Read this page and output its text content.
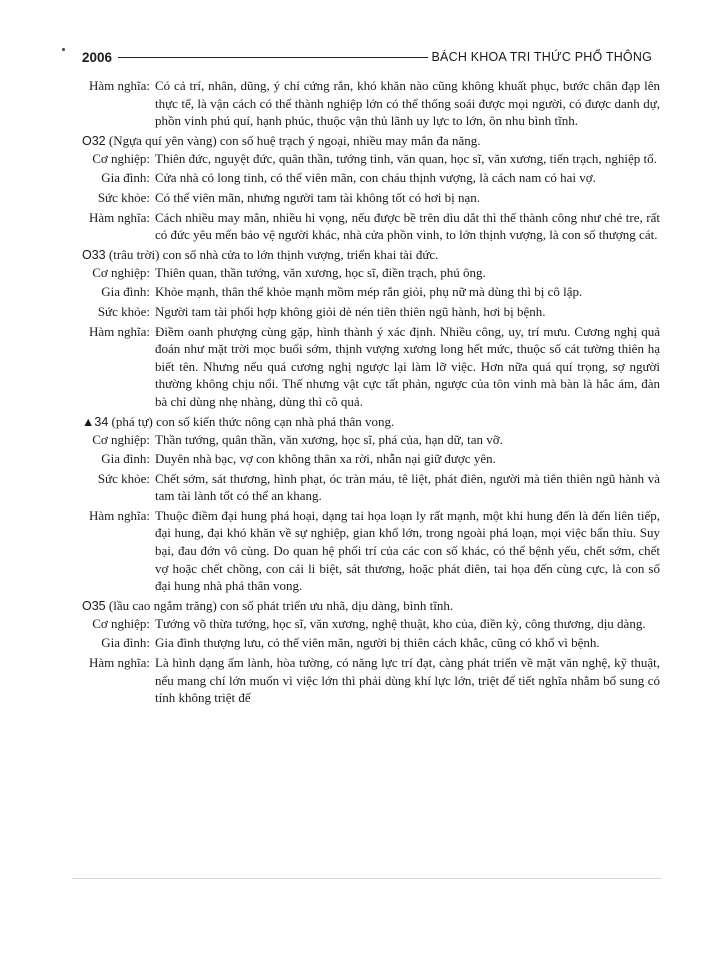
2006	BÁCH KHOA TRI THỨC PHỔ THÔNG
Hàm nghĩa: Có cả trí, nhân, dũng, ý chí cứng rắn, khó khăn nào cũng không khuất phục, bước chân đạp lên thực tế, là vận cách có thể thành nghiệp lớn có thể thống soái được mọi người, có được danh dự, phồn vinh phú quí, hạnh phúc, thuộc vận thủ lãnh uy lực to lớn, ôn nhu bình tĩnh.
O32 (Ngựa quí yên vàng) con số huệ trạch ý ngoại, nhiều may mắn đa năng.
Cơ nghiệp: Thiên đức, nguyệt đức, quân thần, tướng tinh, văn quan, học sĩ, văn xương, tiến trạch, nghiệp tổ.
Gia đình: Cửa nhà có long tinh, có thể viên mãn, con cháu thịnh vượng, là cách nam có hai vợ.
Sức khỏe: Có thể viên mãn, nhưng người tam tài không tốt có hơi bị nạn.
Hàm nghĩa: Cách nhiều may mắn, nhiều hi vọng, nếu được bề trên dìu dắt thì thế thành công như chẻ tre, rất có đức yêu mến bảo vệ người khác, nhà cửa phồn vinh, to lớn thịnh vượng, là con số thượng cát.
O33 (trâu trời) con số nhà cửa to lớn thịnh vượng, triển khai tài đức.
Cơ nghiệp: Thiên quan, thần tướng, văn xương, học sĩ, điền trạch, phú ông.
Gia đình: Khỏe mạnh, thân thể khỏe mạnh mồm mép rắn giỏi, phụ nữ mà dùng thì bị cô lập.
Sức khỏe: Người tam tài phối hợp không giỏi dè nén tiên thiên ngũ hành, hơi bị bệnh.
Hàm nghĩa: Điềm oanh phượng cùng gặp, hình thành ý xác định. Nhiều công, uy, trí mưu. Cương nghị quả đoán như mặt trời mọc buổi sớm, thịnh vượng xương long hết mức, thuộc số cát tường thiên hạ biết tên. Nhưng nếu quá cương nghị ngược lại làm lỡ việc. Hơn nữa quá quí trọng, sợ người thường không chịu nổi. Thế nhưng vật cực tất phản, ngược của tôn vinh mà bàn là hắc ám, đàn bà chỉ dùng nhẹ nhàng, dùng thì cô quả.
▲34 (phá tự) con số kiến thức nông cạn nhà phá thân vong.
Cơ nghiệp: Thần tướng, quân thần, văn xương, học sĩ, phá của, hạn dữ, tan vỡ.
Gia đình: Duyên nhà bạc, vợ con không thân xa rời, nhẫn nại giữ được yên.
Sức khỏe: Chết sớm, sát thương, hình phạt, óc tràn máu, tê liệt, phát điên, người mà tiên thiên ngũ hành và tam tài lành tốt có thể an khang.
Hàm nghĩa: Thuộc điềm đại hung phá hoại, dạng tai họa loạn ly rất mạnh, một khi hung đến là đến liên tiếp, đại hung, đại khó khăn về sự nghiệp, gian khổ lớn, trong ngoài phá loạn, mọi việc bẩn thỉu. Suy bại, đau đớn vô cùng. Do quan hệ phối trí của các con số khác, có thể bệnh yếu, chết sớm, chết vợ hoặc chết chồng, con cái li biệt, sát thương, hoặc phát điên, tai họa đến cùng cực, là con số đại hung nhà phá thân vong.
O35 (lầu cao ngắm trăng) con số phát triển ưu nhã, dịu dàng, bình tĩnh.
Cơ nghiệp: Tướng võ thừa tướng, học sĩ, văn xương, nghệ thuật, kho của, điền kỳ, công thương, dịu dàng.
Gia đình: Gia đình thượng lưu, có thể viên mãn, người bị thiên cách khắc, cũng có khổ vì bệnh.
Hàm nghĩa: Là hình dạng ấm lành, hòa tường, có năng lực trí đạt, càng phát triển về mặt văn nghệ, kỹ thuật, nếu mang chí lớn muốn vì việc lớn thì phải dùng khí lực lớn, triệt để tiết nghĩa nhằm bổ sung có tính không triệt để
